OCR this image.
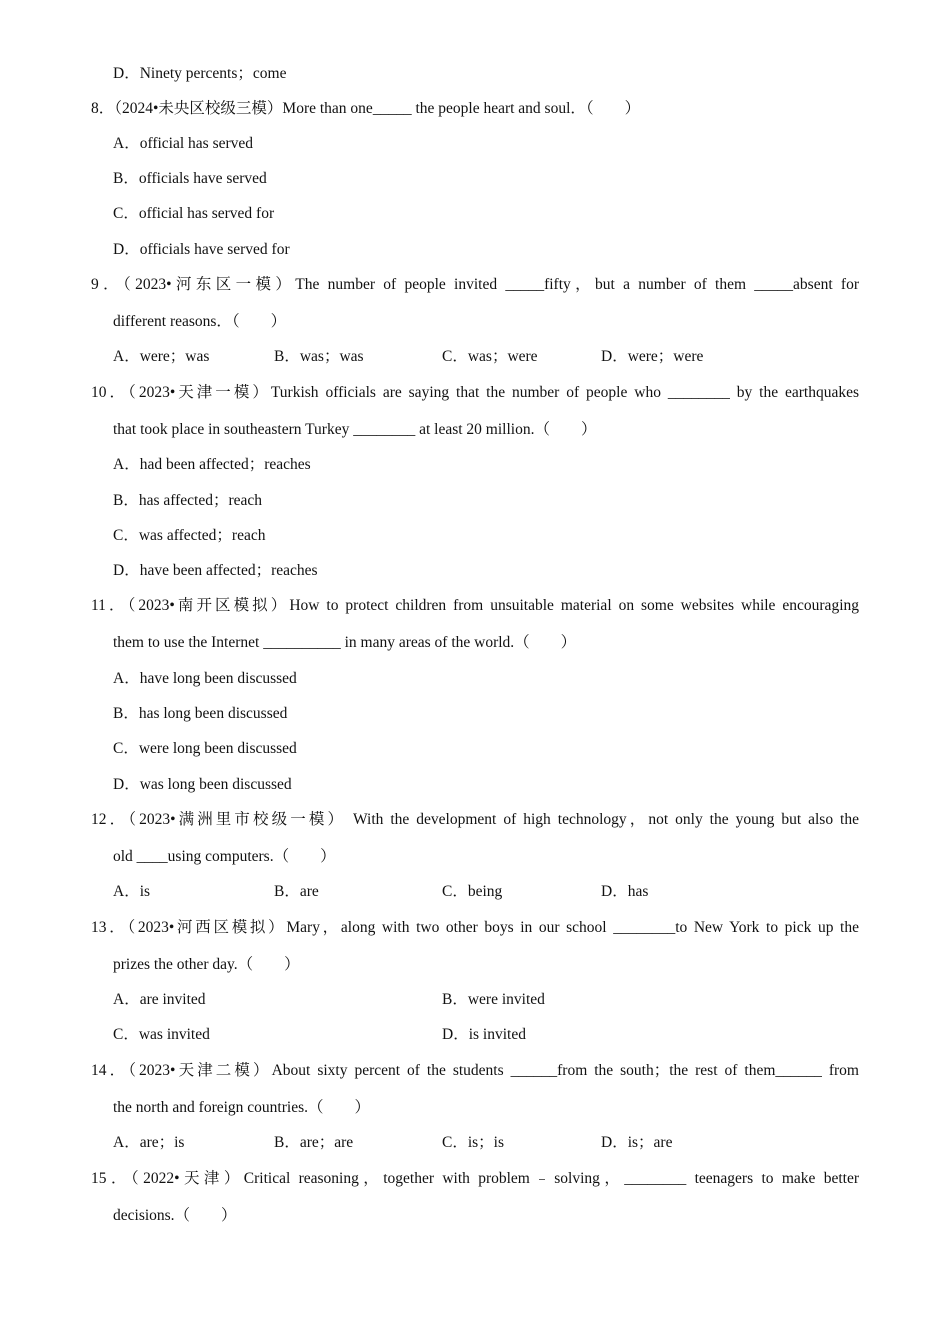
D．Ninety percents；come
8．（2024•未央区校级三模）More than one_____ the people heart and soul．（　　）
A．official has served
B．officials have served
C．official has served for
D．officials have served for
9．（2023•河东区一模）The number of people invited _____fifty，but a number of them _____absent for
different reasons．（　　）
A．were；was	B．was；was	C．was；were	D．were；were
10．（2023•天津一模）Turkish officials are saying that the number of people who ________ by the earthquakes
that took place in southeastern Turkey ________ at least 20 million.（　　）
A．had been affected；reaches
B．has affected；reach
C．was affected；reach
D．have been affected；reaches
11．（2023•南开区模拟）How to protect children from unsuitable material on some websites while encouraging
them to use the Internet __________ in many areas of the world.（　　）
A．have long been discussed
B．has long been discussed
C．were long been discussed
D．was long been discussed
12．（2023•满洲里市校级一模） With the development of high technology，not only the young but also the
old ____using computers.（　　）
A．is	B．are	C．being	D．has
13．（2023•河西区模拟）Mary，along with two other boys in our school ________to New York to pick up the
prizes the other day.（　　）
A．are invited	B．were invited
C．was invited	D．is invited
14．（2023•天津二模）About sixty percent of the students ______from the south；the rest of them______ from
the north and foreign countries.（　　）
A．are；is	B．are；are	C．is；is	D．is；are
15．（2022•天津）Critical reasoning，together with problem﹣solving，________ teenagers to make better
decisions.（　　）
